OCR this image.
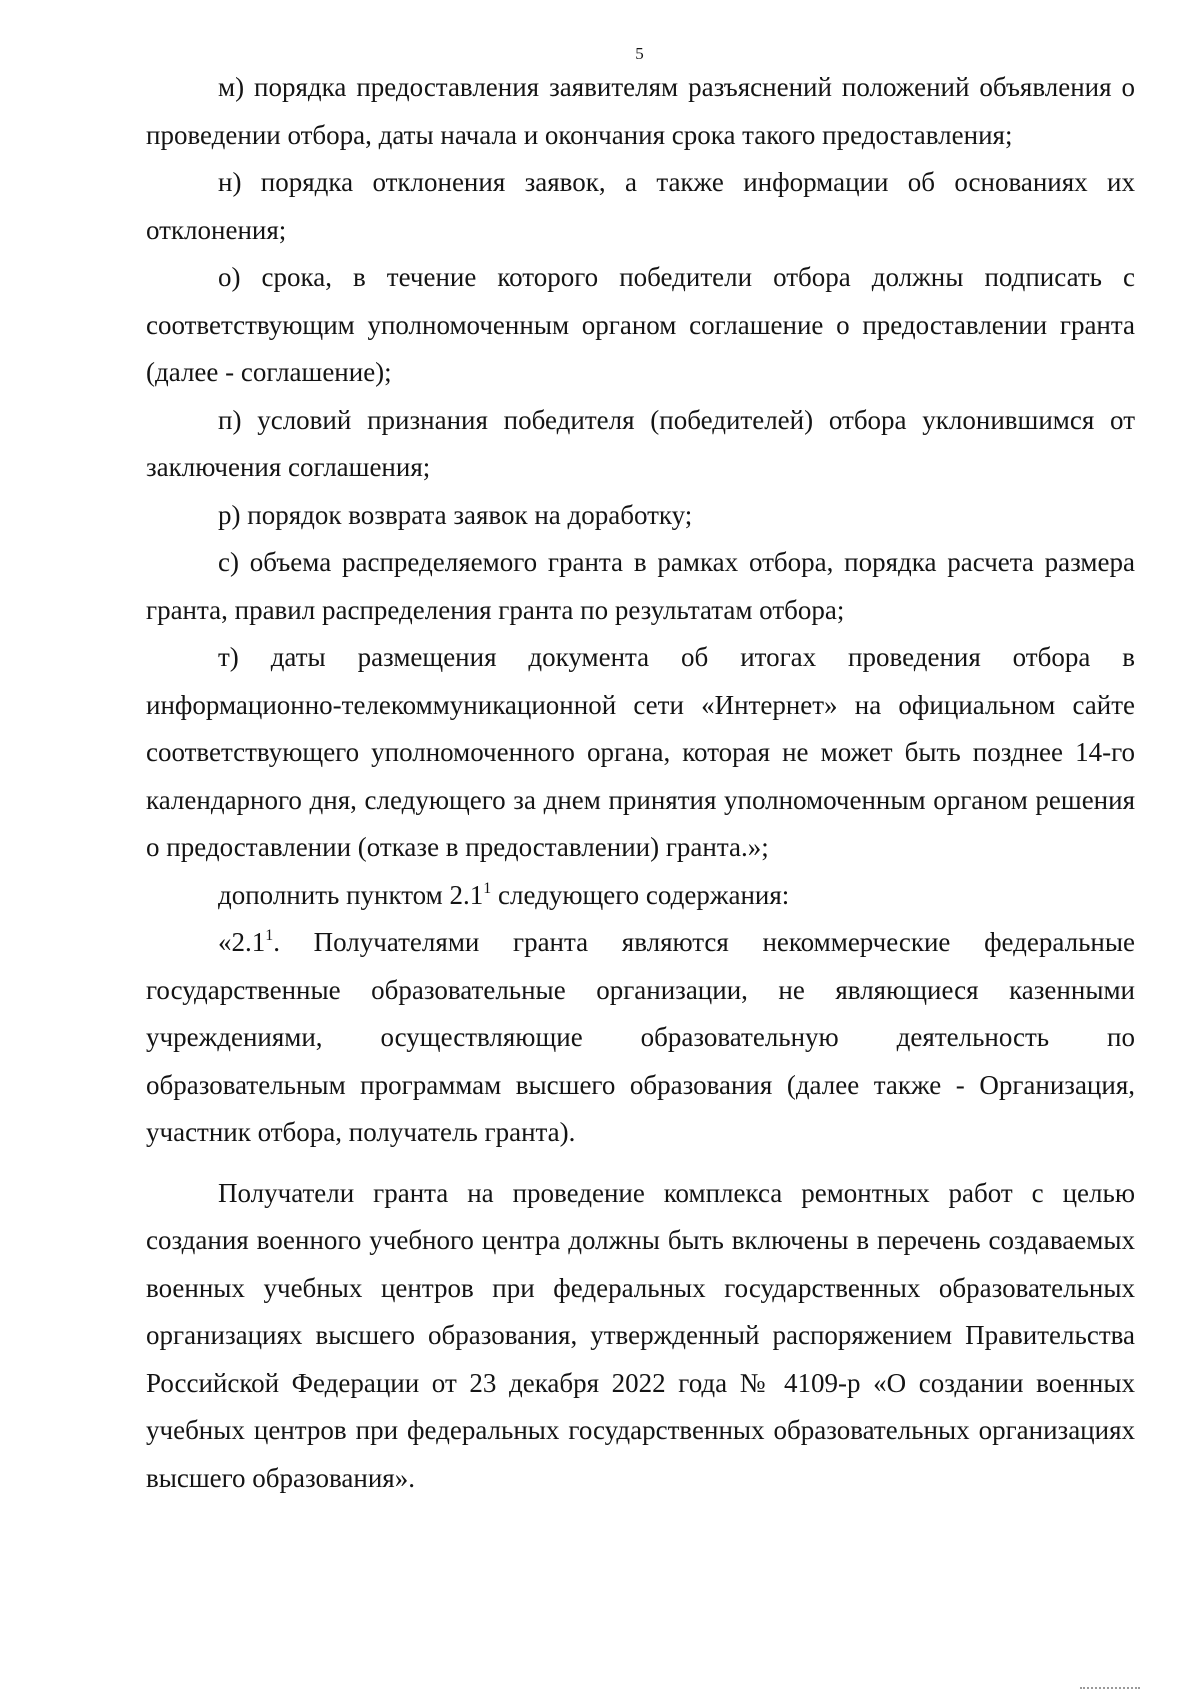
5

м) порядка предоставления заявителям разъяснений положений объявления о проведении отбора, даты начала и окончания срока такого предоставления;

н) порядка отклонения заявок, а также информации об основаниях их отклонения;

о) срока, в течение которого победители отбора должны подписать с соответствующим уполномоченным органом соглашение о предоставлении гранта (далее - соглашение);

п) условий признания победителя (победителей) отбора уклонившимся от заключения соглашения;

р) порядок возврата заявок на доработку;

с) объема распределяемого гранта в рамках отбора, порядка расчета размера гранта, правил распределения гранта по результатам отбора;

т) даты размещения документа об итогах проведения отбора в информационно-телекоммуникационной сети «Интернет» на официальном сайте соответствующего уполномоченного органа, которая не может быть позднее 14-го календарного дня, следующего за днем принятия уполномоченным органом решения о предоставлении (отказе в предоставлении) гранта.»;

дополнить пунктом $2.1^1$ следующего содержания:

«$2.1^1$. Получателями гранта являются некоммерческие федеральные государственные образовательные организации, не являющиеся казенными учреждениями, осуществляющие образовательную деятельность по образовательным программам высшего образования (далее также - Организация, участник отбора, получатель гранта).

Получатели гранта на проведение комплекса ремонтных работ с целью создания военного учебного центра должны быть включены в перечень создаваемых военных учебных центров при федеральных государственных образовательных организациях высшего образования, утвержденный распоряжением Правительства Российской Федерации от 23 декабря 2022 года № 4109-р «О создании военных учебных центров при федеральных государственных образовательных организациях высшего образования».
